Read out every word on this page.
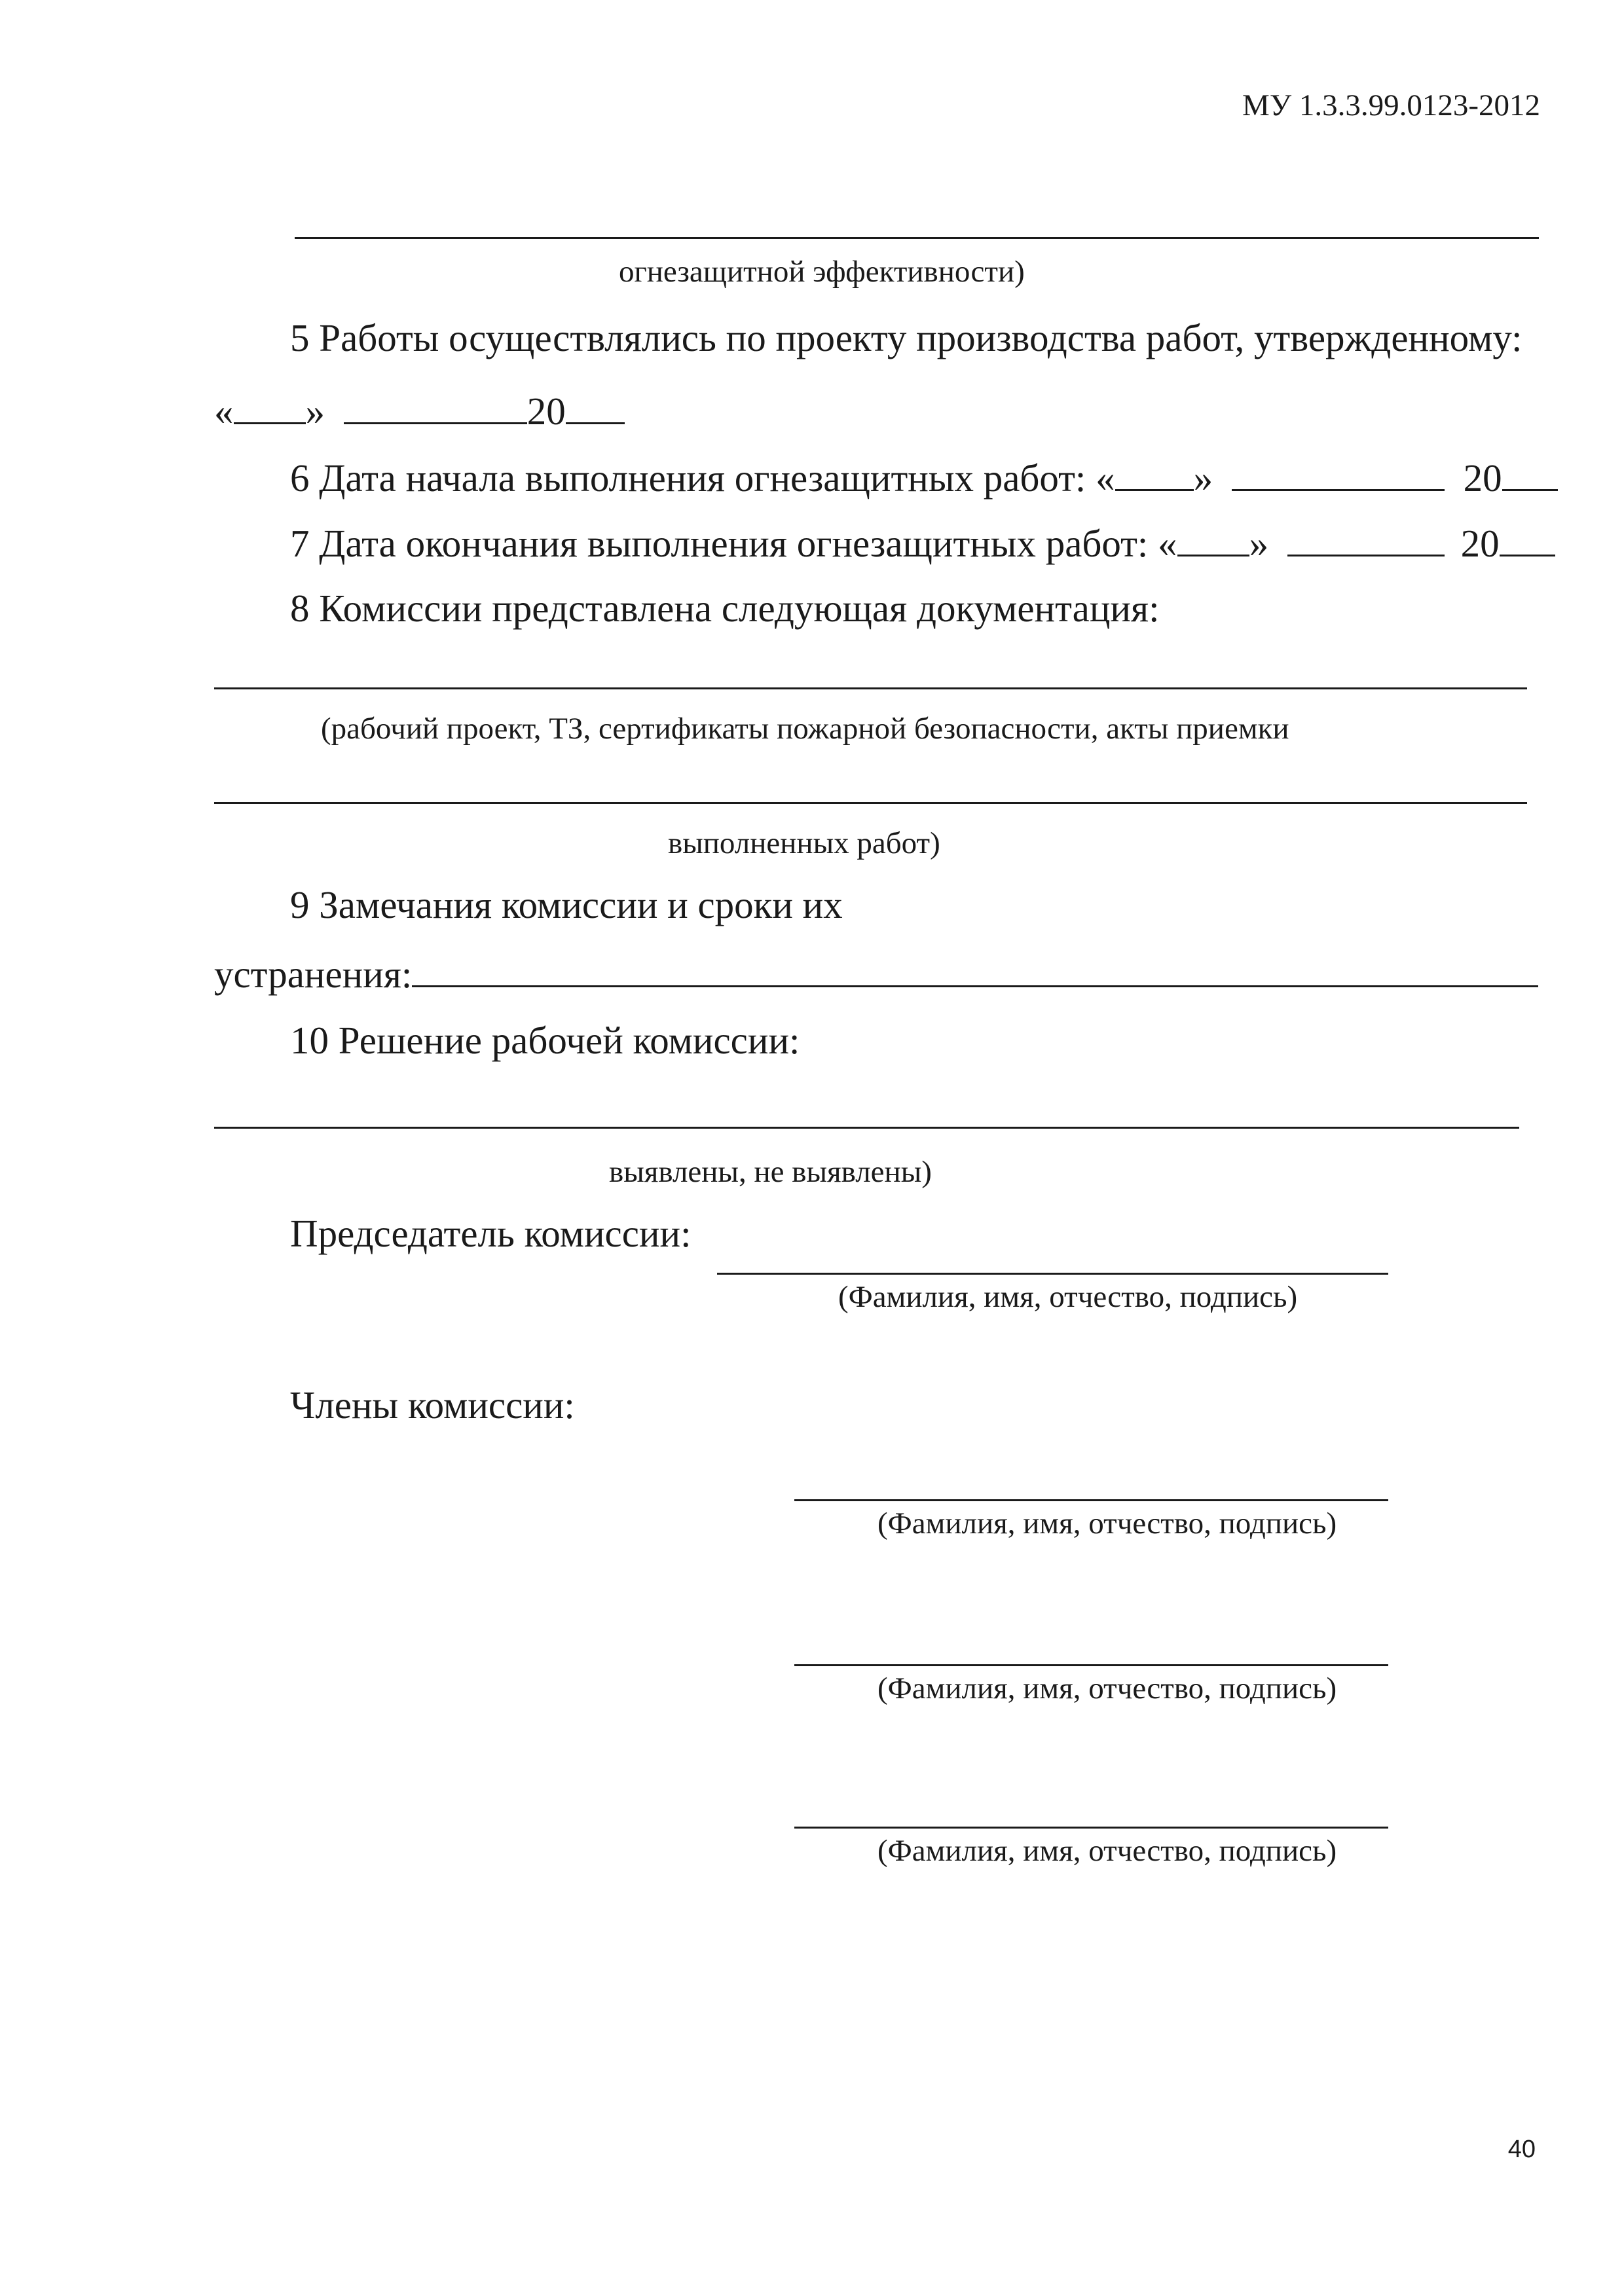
МУ 1.3.3.99.0123-2012
огнезащитной эффективности)
5 Работы осуществлялись по проекту производства работ, утвержденному:
« »	20
6 Дата начала выполнения огнезащитных работ: « »	20
7 Дата окончания выполнения огнезащитных работ: « »	20
8 Комиссии представлена следующая документация:
(рабочий проект, ТЗ, сертификаты пожарной безопасности, акты приемки
выполненных работ)
9 Замечания комиссии и сроки их
устранения:
10 Решение рабочей комиссии:
выявлены, не выявлены)
Председатель комиссии:
(Фамилия, имя, отчество, подпись)
Члены комиссии:
(Фамилия, имя, отчество, подпись)
(Фамилия, имя, отчество, подпись)
(Фамилия, имя, отчество, подпись)
40
